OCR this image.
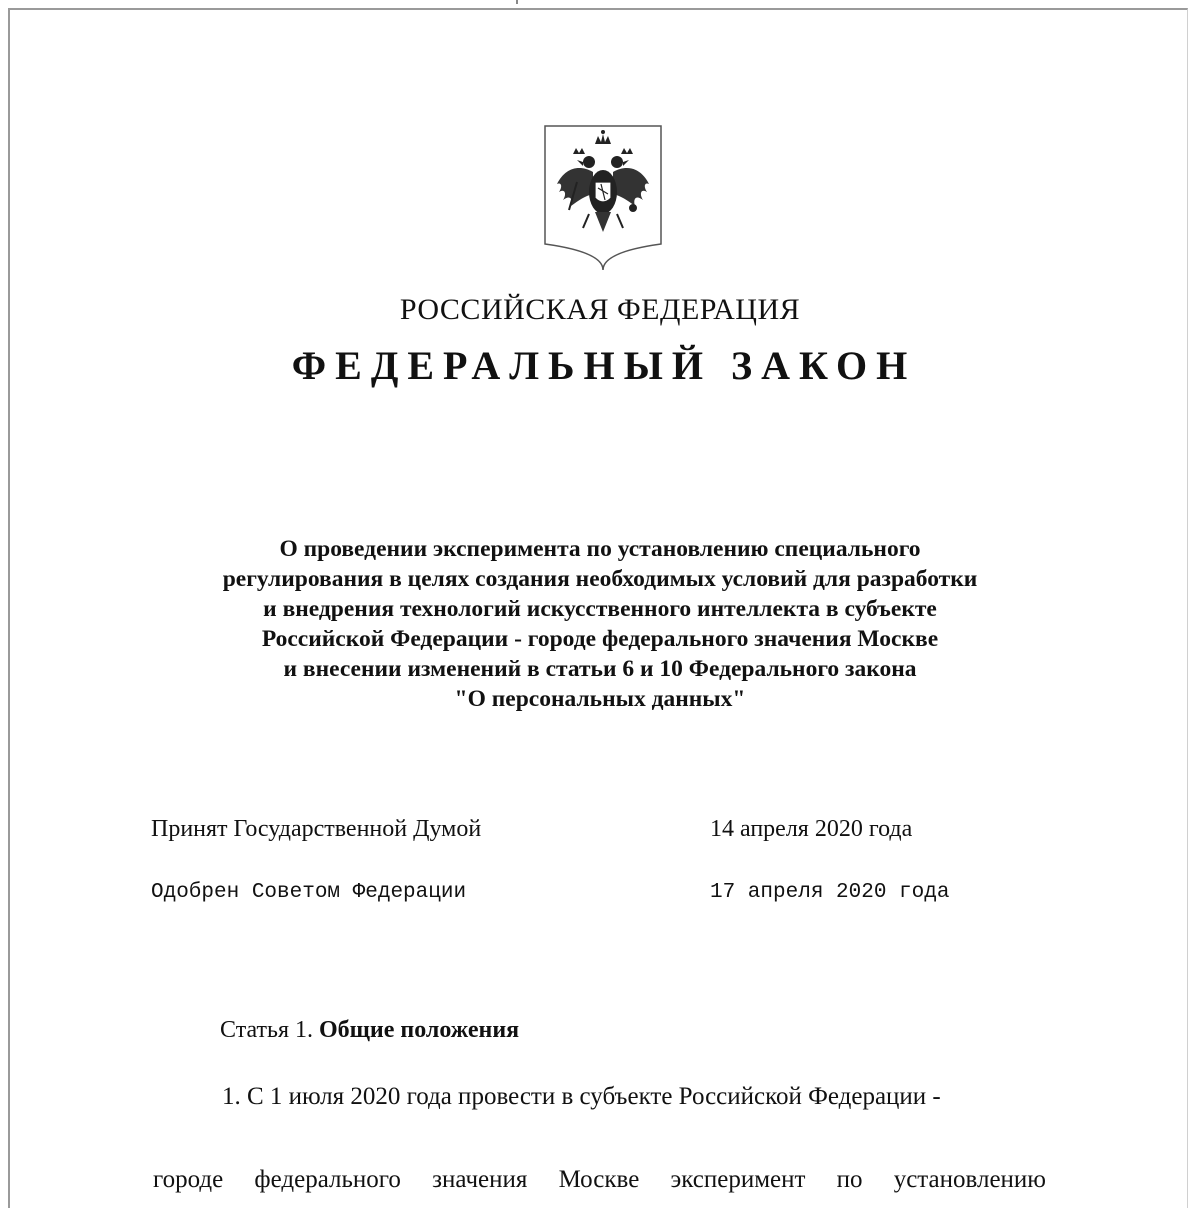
РОССИЙСКАЯ ФЕДЕРАЦИЯ
ФЕДЕРАЛЬНЫЙ ЗАКОН
О проведении эксперимента по установлению специального
регулирования в целях создания необходимых условий для разработки
и внедрения технологий искусственного интеллекта в субъекте
Российской Федерации - городе федерального значения Москве
и внесении изменений в статьи 6 и 10 Федерального закона
"О персональных данных"
Принят Государственной Думой	14 апреля 2020 года
Одобрен Советом Федерации	17 апреля 2020 года
Статья 1. Общие положения
1. С 1 июля 2020 года провести в субъекте Российской Федерации -
городе федерального значения Москве эксперимент по установлению
